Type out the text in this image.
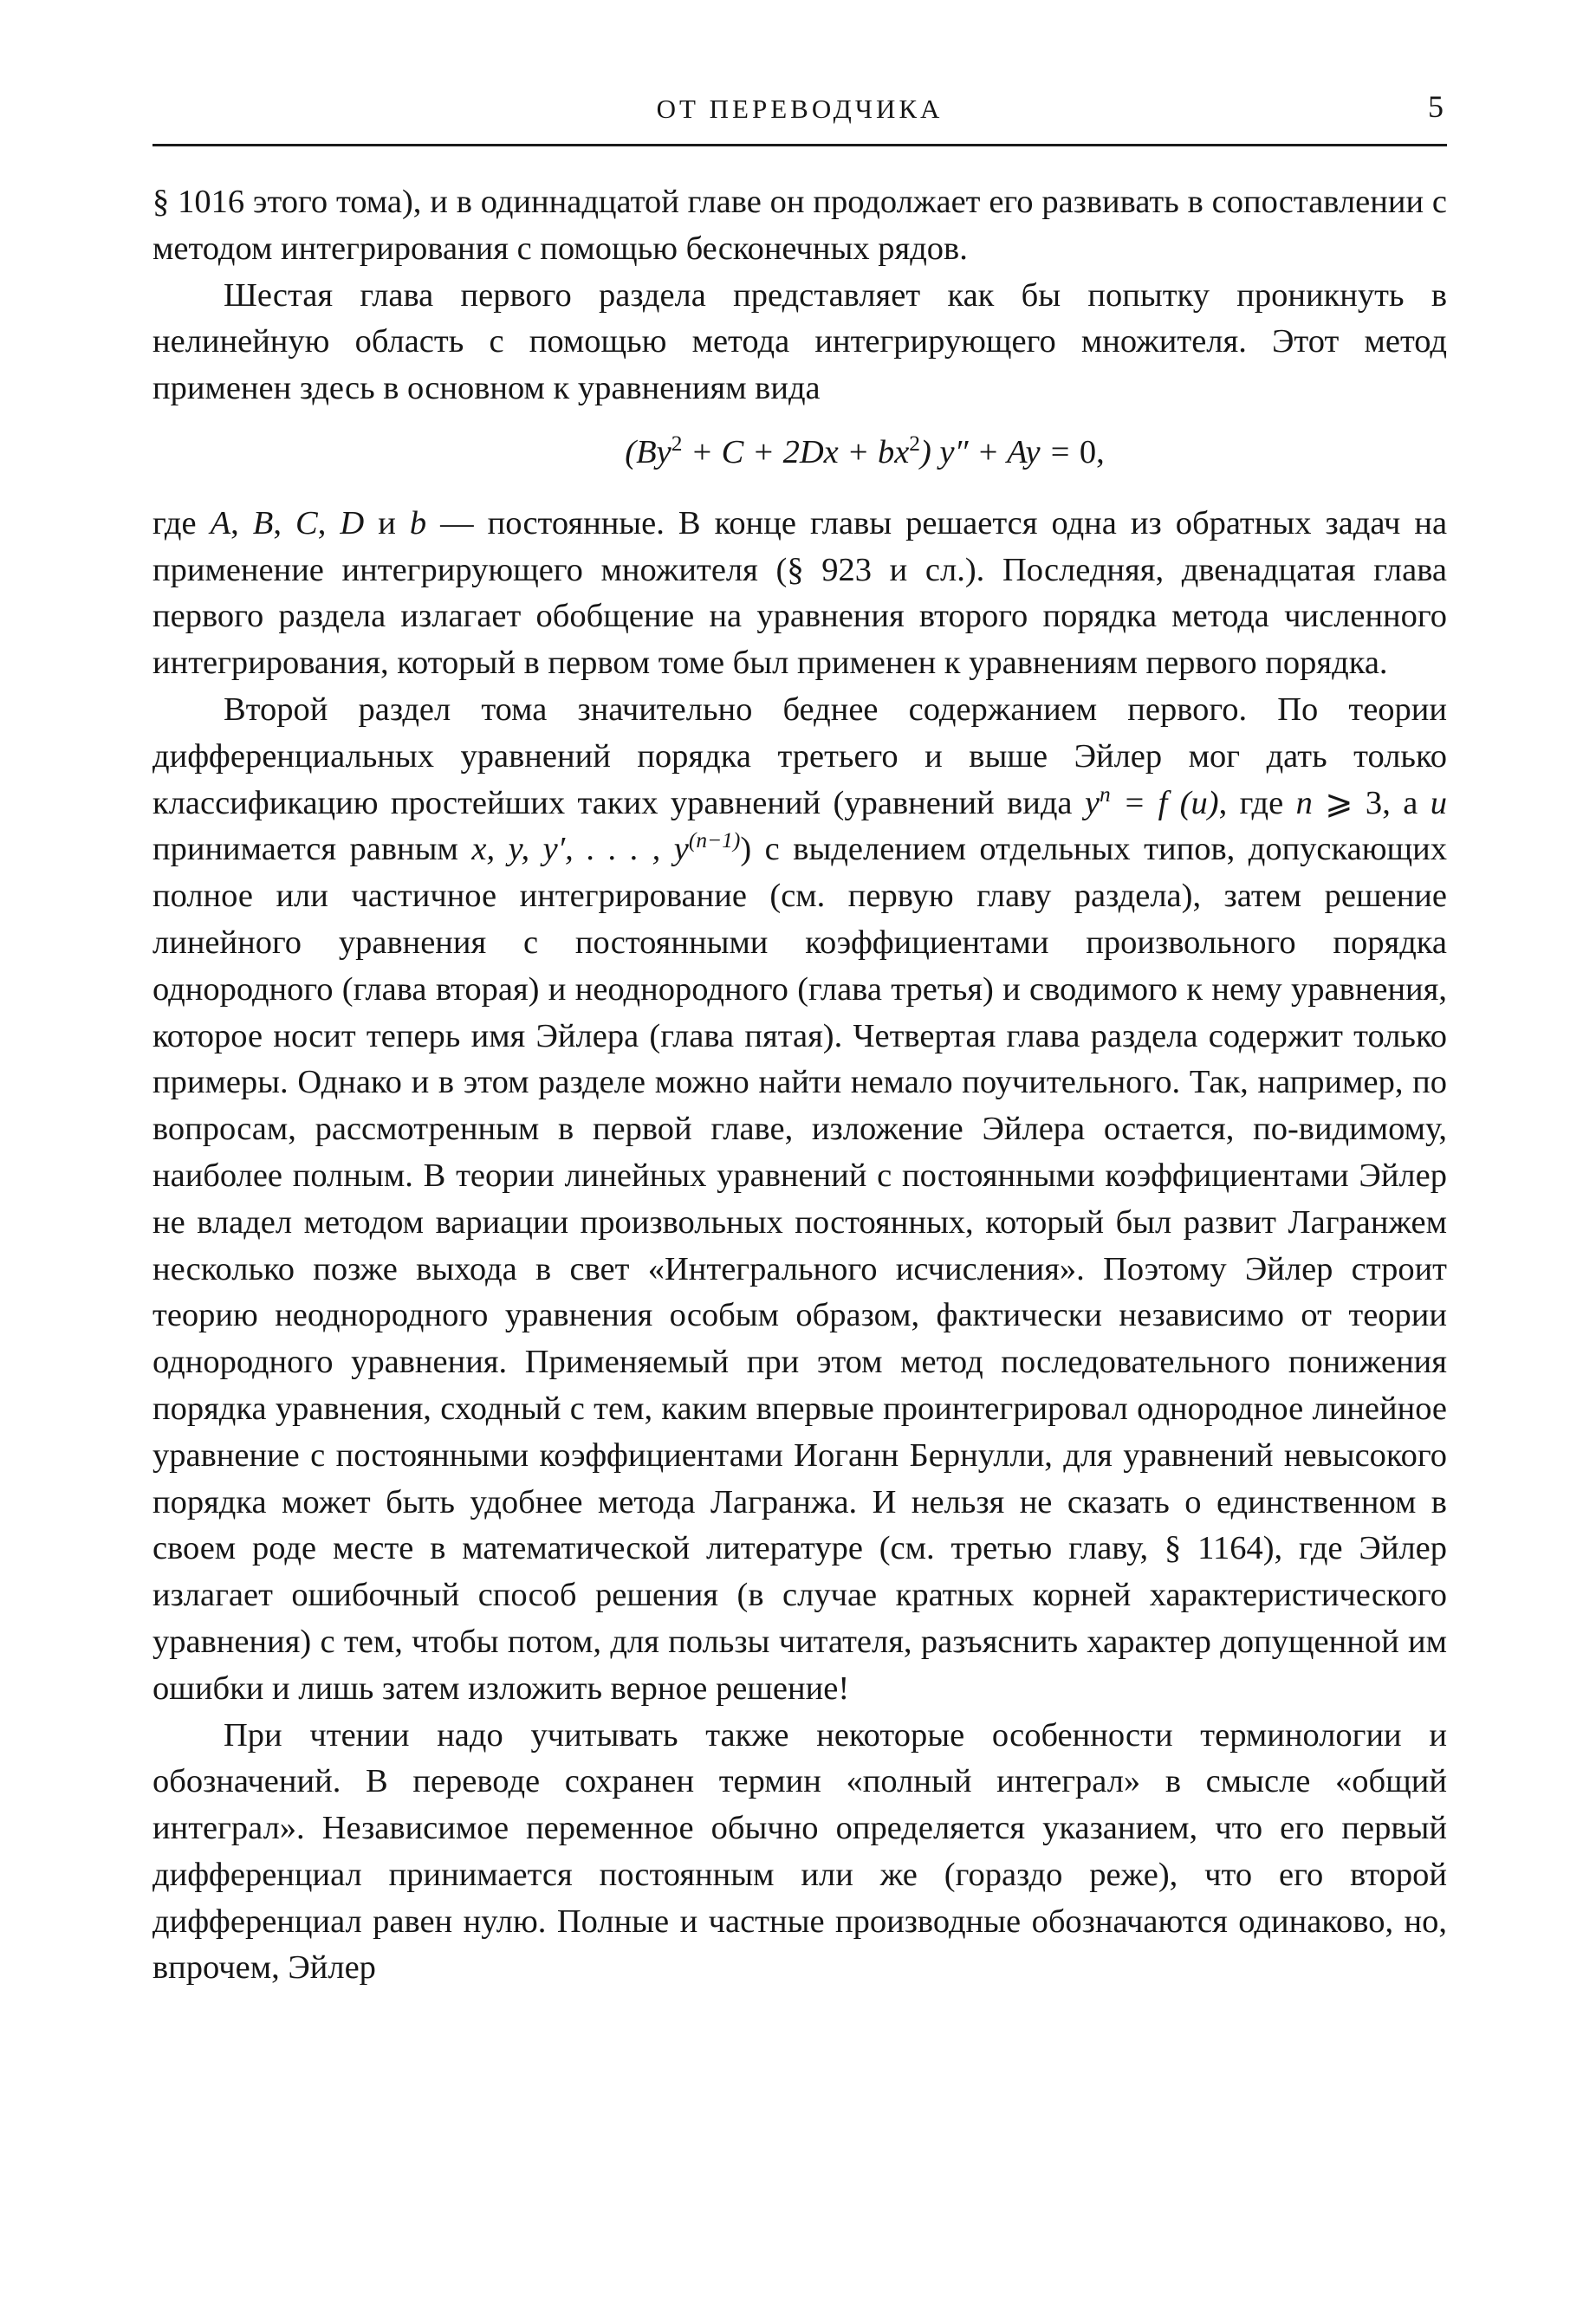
ОТ ПЕРЕВОДЧИКА	5

§ 1016 этого тома), и в одиннадцатой главе он продолжает его развивать в сопоставлении с методом интегрирования с помощью бесконечных рядов.

Шестая глава первого раздела представляет как бы попытку проникнуть в нелинейную область с помощью метода интегрирующего множителя. Этот метод применен здесь в основном к уравнениям вида

$(By^2 + C + 2Dx + bx^2) y'' + Ay = 0$,

где A, B, C, D и b — постоянные. В конце главы решается одна из обратных задач на применение интегрирующего множителя (§ 923 и сл.). Последняя, двенадцатая глава первого раздела излагает обобщение на уравнения второго порядка метода численного интегрирования, который в первом томе был применен к уравнениям первого порядка.

Второй раздел тома значительно беднее содержанием первого. По теории дифференциальных уравнений порядка третьего и выше Эйлер мог дать только классификацию простейших таких уравнений (уравнений вида $y^n = f$ (u), где n ⩾ 3, а u принимается равным x, y, y′, . . . , $y^{(n-1)}$) с выделением отдельных типов, допускающих полное или частичное интегрирование (см. первую главу раздела), затем решение линейного уравнения с постоянными коэффициентами произвольного порядка однородного (глава вторая) и неоднородного (глава третья) и сводимого к нему уравнения, которое носит теперь имя Эйлера (глава пятая). Четвертая глава раздела содержит только примеры. Однако и в этом разделе можно найти немало поучительного. Так, например, по вопросам, рассмотренным в первой главе, изложение Эйлера остается, по-видимому, наиболее полным. В теории линейных уравнений с постоянными коэффициентами Эйлер не владел методом вариации произвольных постоянных, который был развит Лагранжем несколько позже выхода в свет «Интегрального исчисления». Поэтому Эйлер строит теорию неоднородного уравнения особым образом, фактически независимо от теории однородного уравнения. Применяемый при этом метод последовательного понижения порядка уравнения, сходный с тем, каким впервые проинтегрировал однородное линейное уравнение с постоянными коэффициентами Иоганн Бернулли, для уравнений невысокого порядка может быть удобнее метода Лагранжа. И нельзя не сказать о единственном в своем роде месте в математической литературе (см. третью главу, § 1164), где Эйлер излагает ошибочный способ решения (в случае кратных корней характеристического уравнения) с тем, чтобы потом, для пользы читателя, разъяснить характер допущенной им ошибки и лишь затем изложить верное решение!

При чтении надо учитывать также некоторые особенности терминологии и обозначений. В переводе сохранен термин «полный интеграл» в смысле «общий интеграл». Независимое переменное обычно определяется указанием, что его первый дифференциал принимается постоянным или же (гораздо реже), что его второй дифференциал равен нулю. Полные и частные производные обозначаются одинаково, но, впрочем, Эйлер
